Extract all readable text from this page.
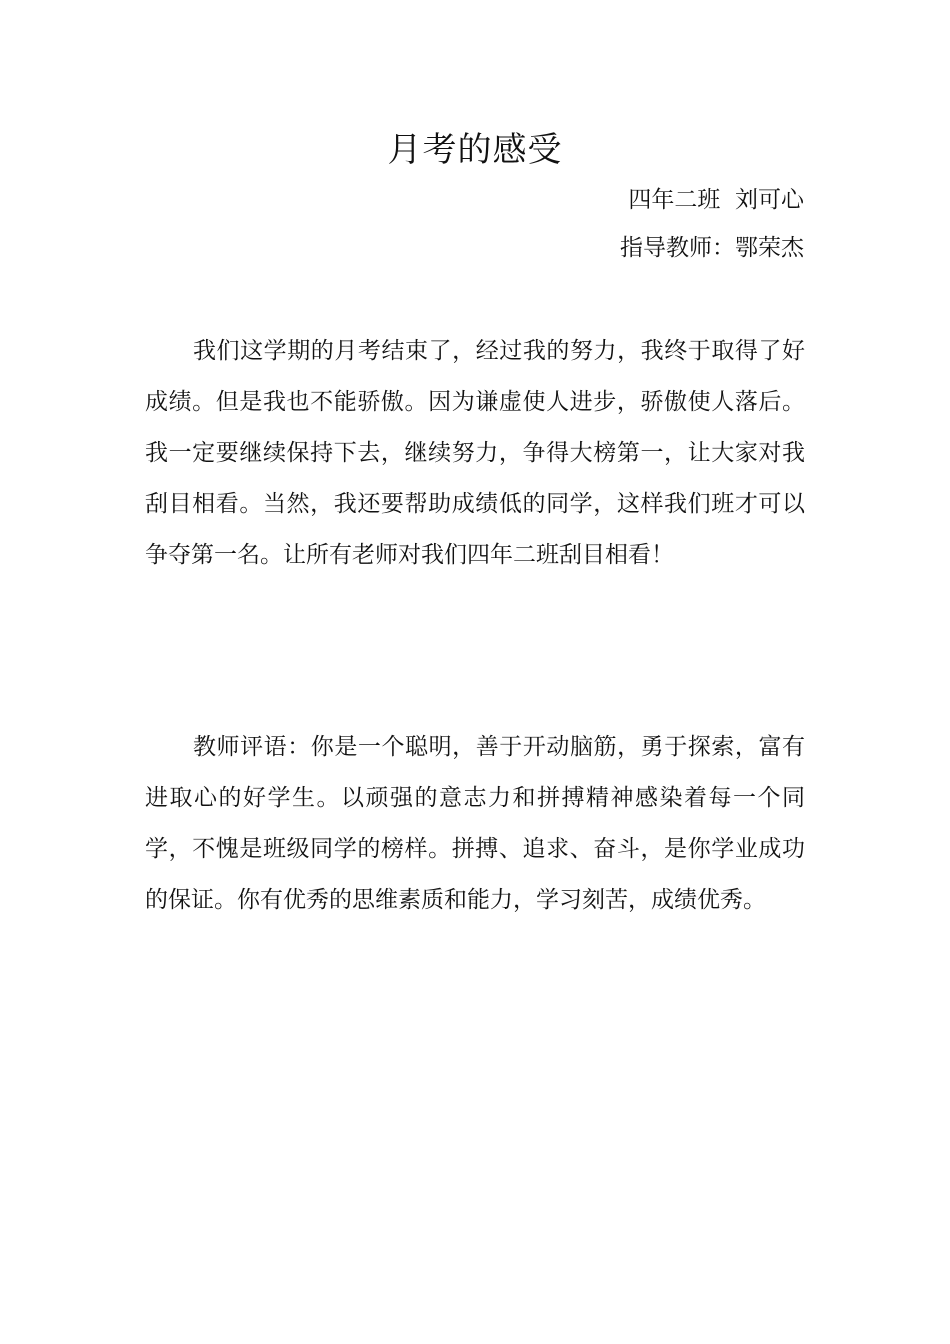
月考的感受
四年二班  刘可心
指导教师：鄂荣杰

我们这学期的月考结束了，经过我的努力，我终于取得了好成绩。但是我也不能骄傲。因为谦虚使人进步，骄傲使人落后。我一定要继续保持下去，继续努力，争得大榜第一，让大家对我刮目相看。当然，我还要帮助成绩低的同学，这样我们班才可以争夺第一名。让所有老师对我们四年二班刮目相看！

教师评语：你是一个聪明，善于开动脑筋，勇于探索，富有进取心的好学生。以顽强的意志力和拼搏精神感染着每一个同学，不愧是班级同学的榜样。拼搏、追求、奋斗，是你学业成功的保证。你有优秀的思维素质和能力，学习刻苦，成绩优秀。
